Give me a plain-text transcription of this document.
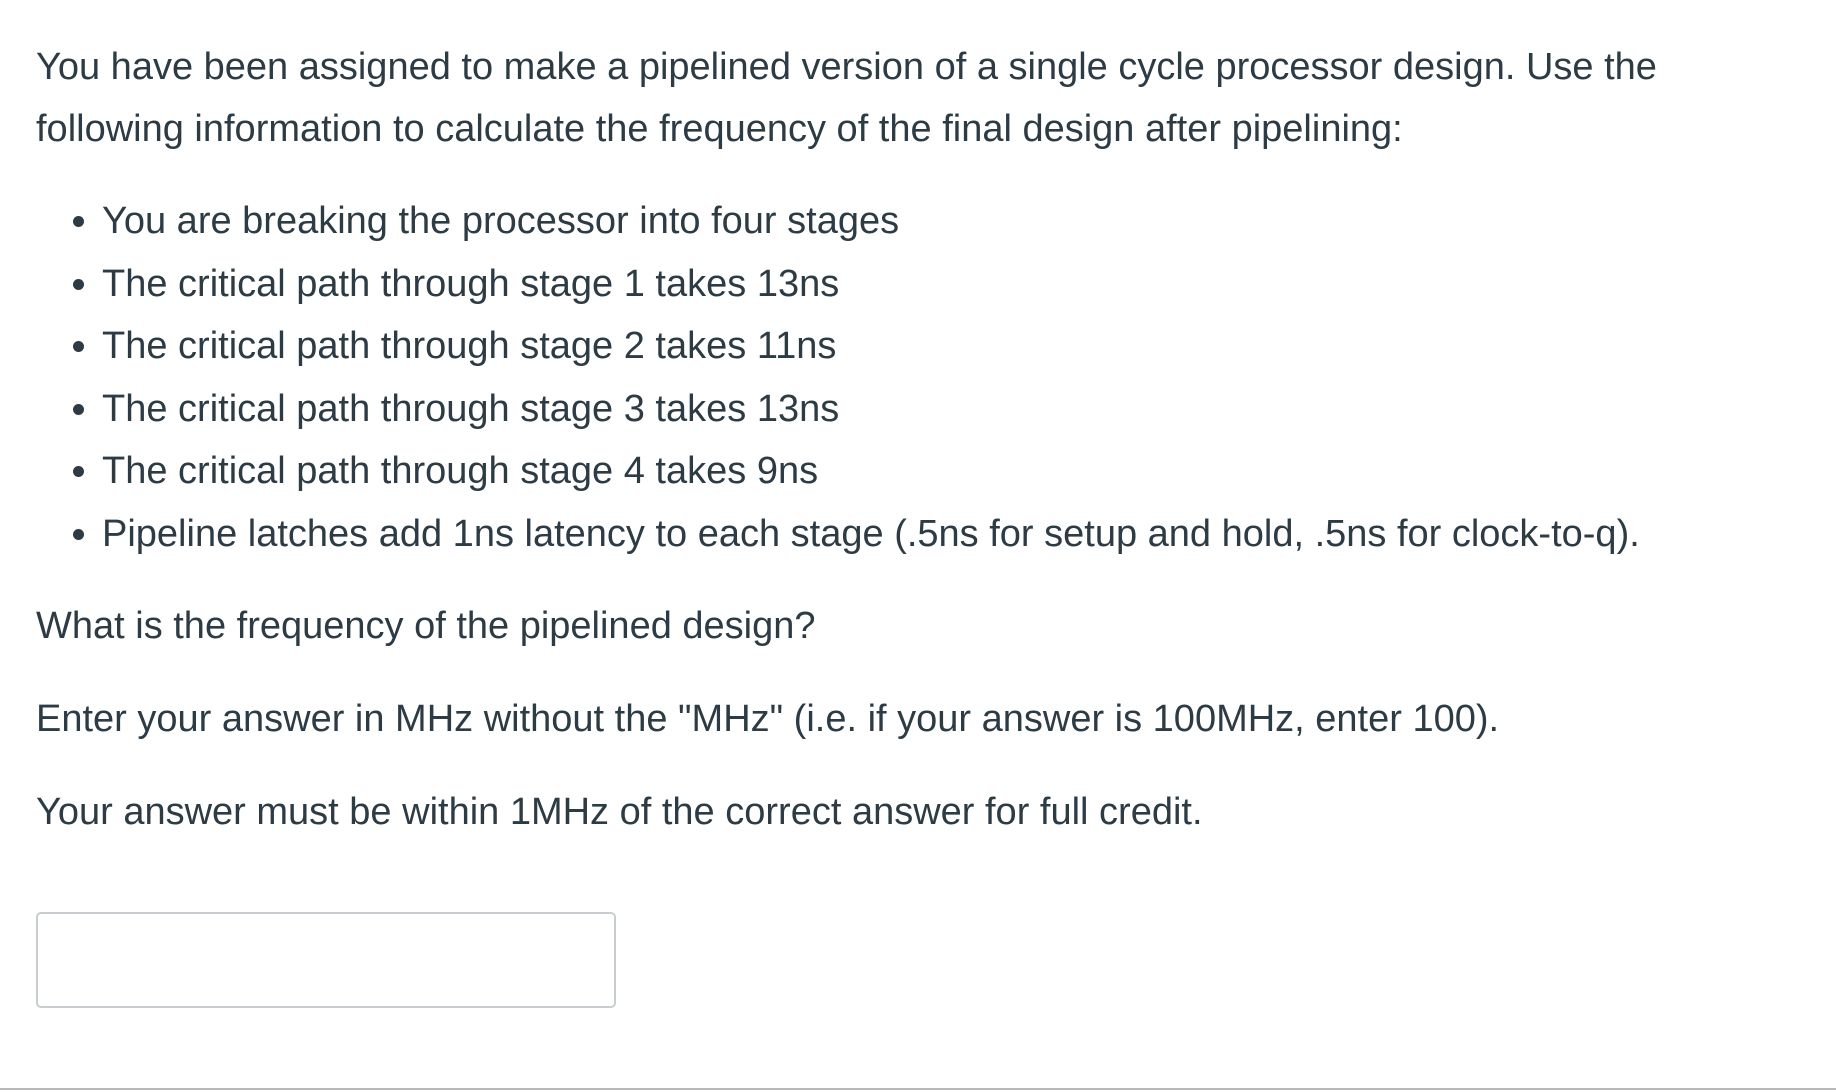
You have been assigned to make a pipelined version of a single cycle processor design. Use the following information to calculate the frequency of the final design after pipelining:

• You are breaking the processor into four stages
• The critical path through stage 1 takes 13ns
• The critical path through stage 2 takes 11ns
• The critical path through stage 3 takes 13ns
• The critical path through stage 4 takes 9ns
• Pipeline latches add 1ns latency to each stage (.5ns for setup and hold, .5ns for clock-to-q).

What is the frequency of the pipelined design?

Enter your answer in MHz without the "MHz" (i.e. if your answer is 100MHz, enter 100).

Your answer must be within 1MHz of the correct answer for full credit.
